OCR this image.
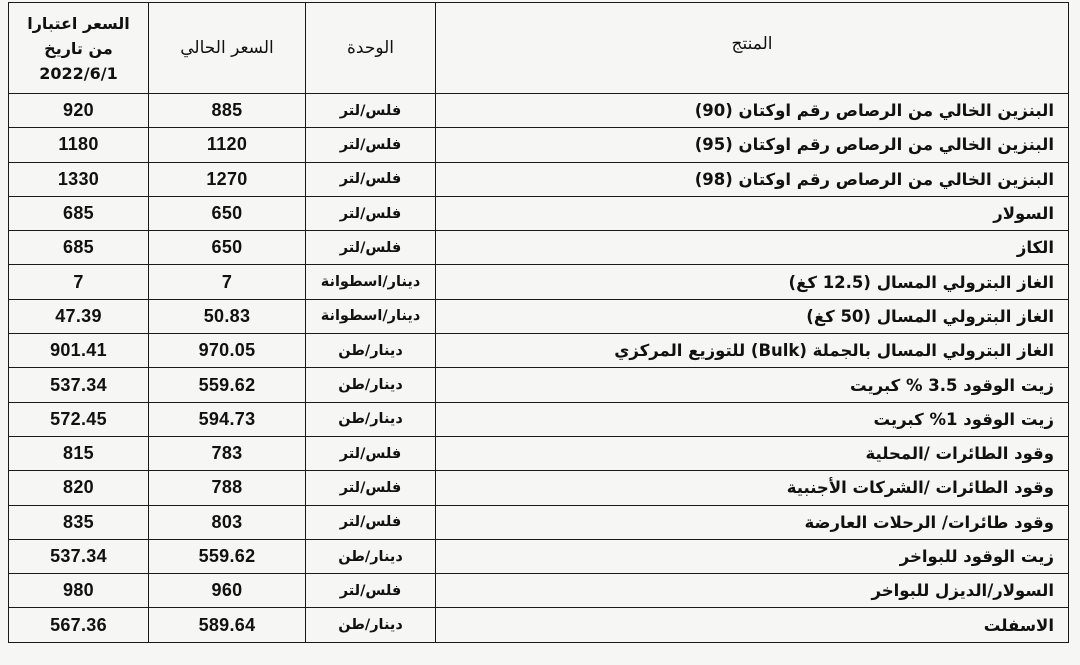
المنتج	الوحدة	السعر الحالي	السعر اعتبارا
من تاريخ
2022/6/1

البنزين الخالي من الرصاص رقم اوكتان (90)	فلس/لتر	885	920
البنزين الخالي من الرصاص رقم اوكتان (95)	فلس/لتر	1120	1180
البنزين الخالي من الرصاص رقم اوكتان (98)	فلس/لتر	1270	1330
السولار	فلس/لتر	650	685
الكاز	فلس/لتر	650	685
الغاز البترولي المسال (12.5 كغ)	دينار/اسطوانة	7	7
الغاز البترولي المسال (50 كغ)	دينار/اسطوانة	50.83	47.39
الغاز البترولي المسال بالجملة (Bulk) للتوزيع المركزي	دينار/طن	970.05	901.41
زيت الوقود 3.5 % كبريت	دينار/طن	559.62	537.34
زيت الوقود 1% كبريت	دينار/طن	594.73	572.45
وقود الطائرات /المحلية	فلس/لتر	783	815
وقود الطائرات /الشركات الأجنبية	فلس/لتر	788	820
وقود طائرات/ الرحلات العارضة	فلس/لتر	803	835
زيت الوقود للبواخر	دينار/طن	559.62	537.34
السولار/الديزل للبواخر	فلس/لتر	960	980
الاسفلت	دينار/طن	589.64	567.36
